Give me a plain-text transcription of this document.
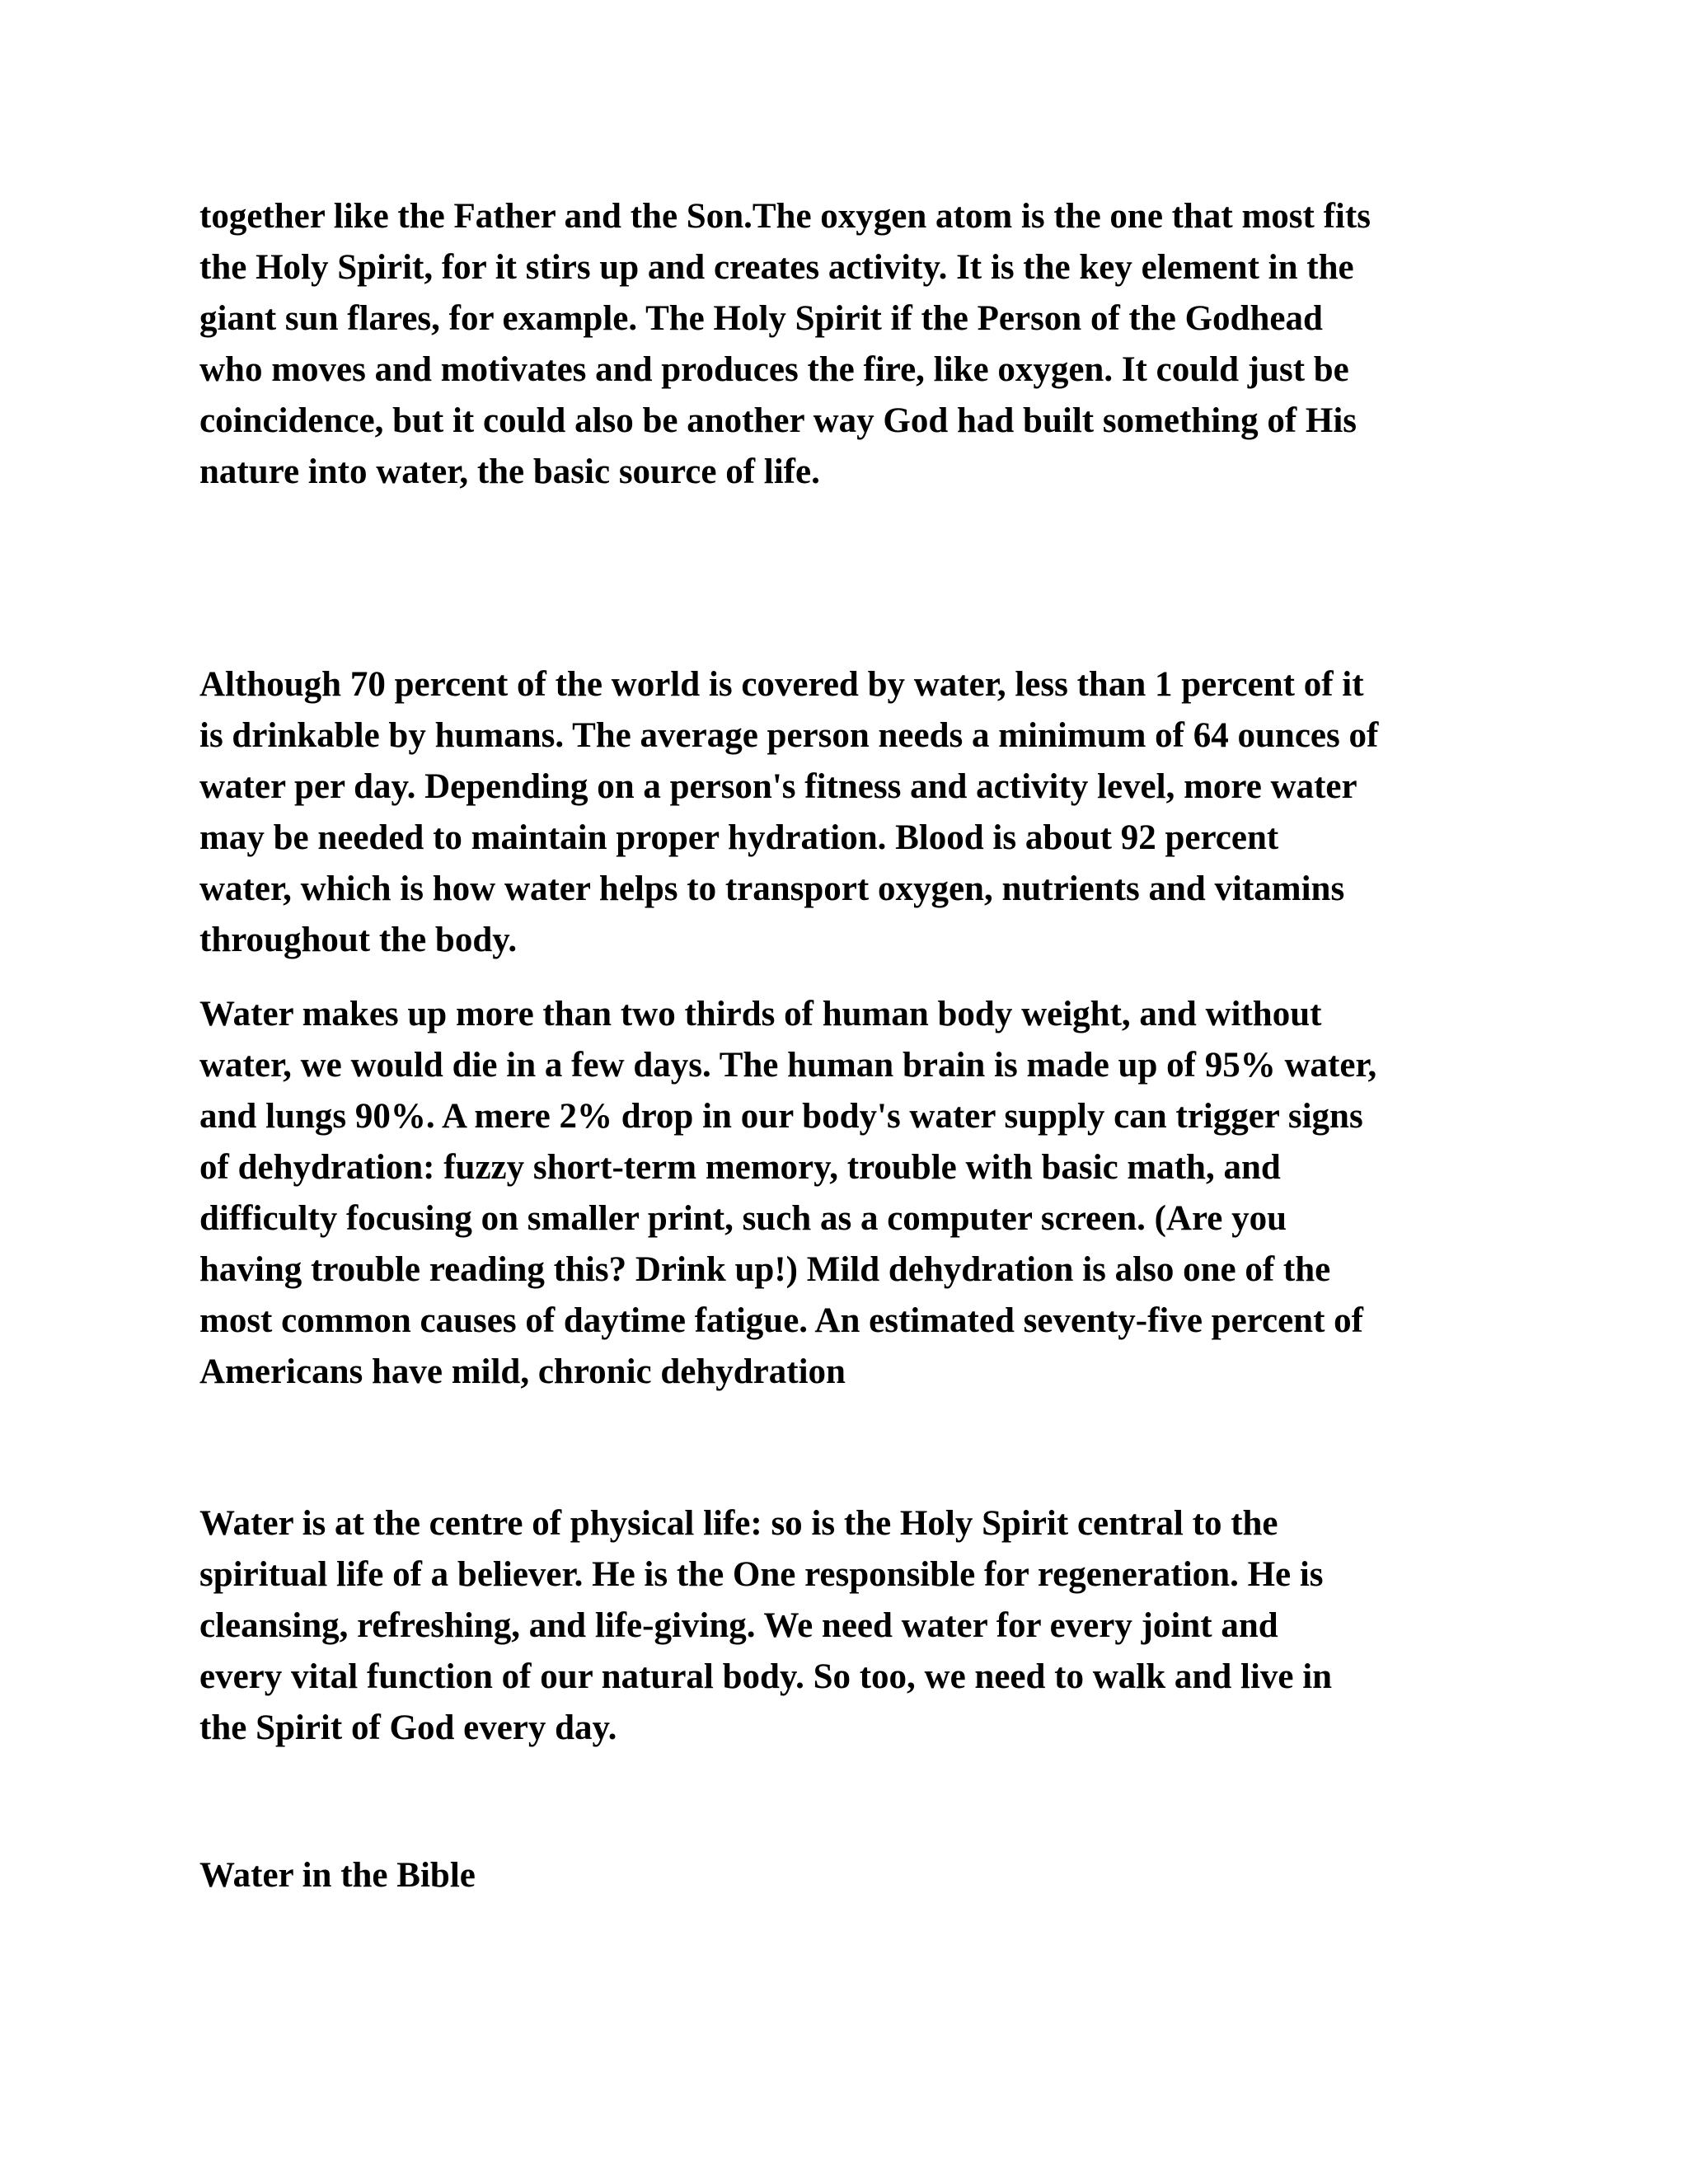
together like the Father and the Son.The oxygen atom is the one that most fits
the Holy Spirit, for it stirs up and creates activity. It is the key element in the
giant sun flares, for example. The Holy Spirit if the Person of the Godhead
who moves and motivates and produces the fire, like oxygen. It could just be
coincidence, but it could also be another way God had built something of His
nature into water, the basic source of life.

Although 70 percent of the world is covered by water, less than 1 percent of it
is drinkable by humans. The average person needs a minimum of 64 ounces of
water per day. Depending on a person's fitness and activity level, more water
may be needed to maintain proper hydration. Blood is about 92 percent
water, which is how water helps to transport oxygen, nutrients and vitamins
throughout the body.

Water makes up more than two thirds of human body weight, and without
water, we would die in a few days. The human brain is made up of 95% water,
and lungs 90%. A mere 2% drop in our body's water supply can trigger signs
of dehydration: fuzzy short-term memory, trouble with basic math, and
difficulty focusing on smaller print, such as a computer screen. (Are you
having trouble reading this? Drink up!) Mild dehydration is also one of the
most common causes of daytime fatigue. An estimated seventy-five percent of
Americans have mild, chronic dehydration

Water is at the centre of physical life: so is the Holy Spirit central to the
spiritual life of a believer. He is the One responsible for regeneration. He is
cleansing, refreshing, and life-giving. We need water for every joint and
every vital function of our natural body. So too, we need to walk and live in
the Spirit of God every day.

Water in the Bible
